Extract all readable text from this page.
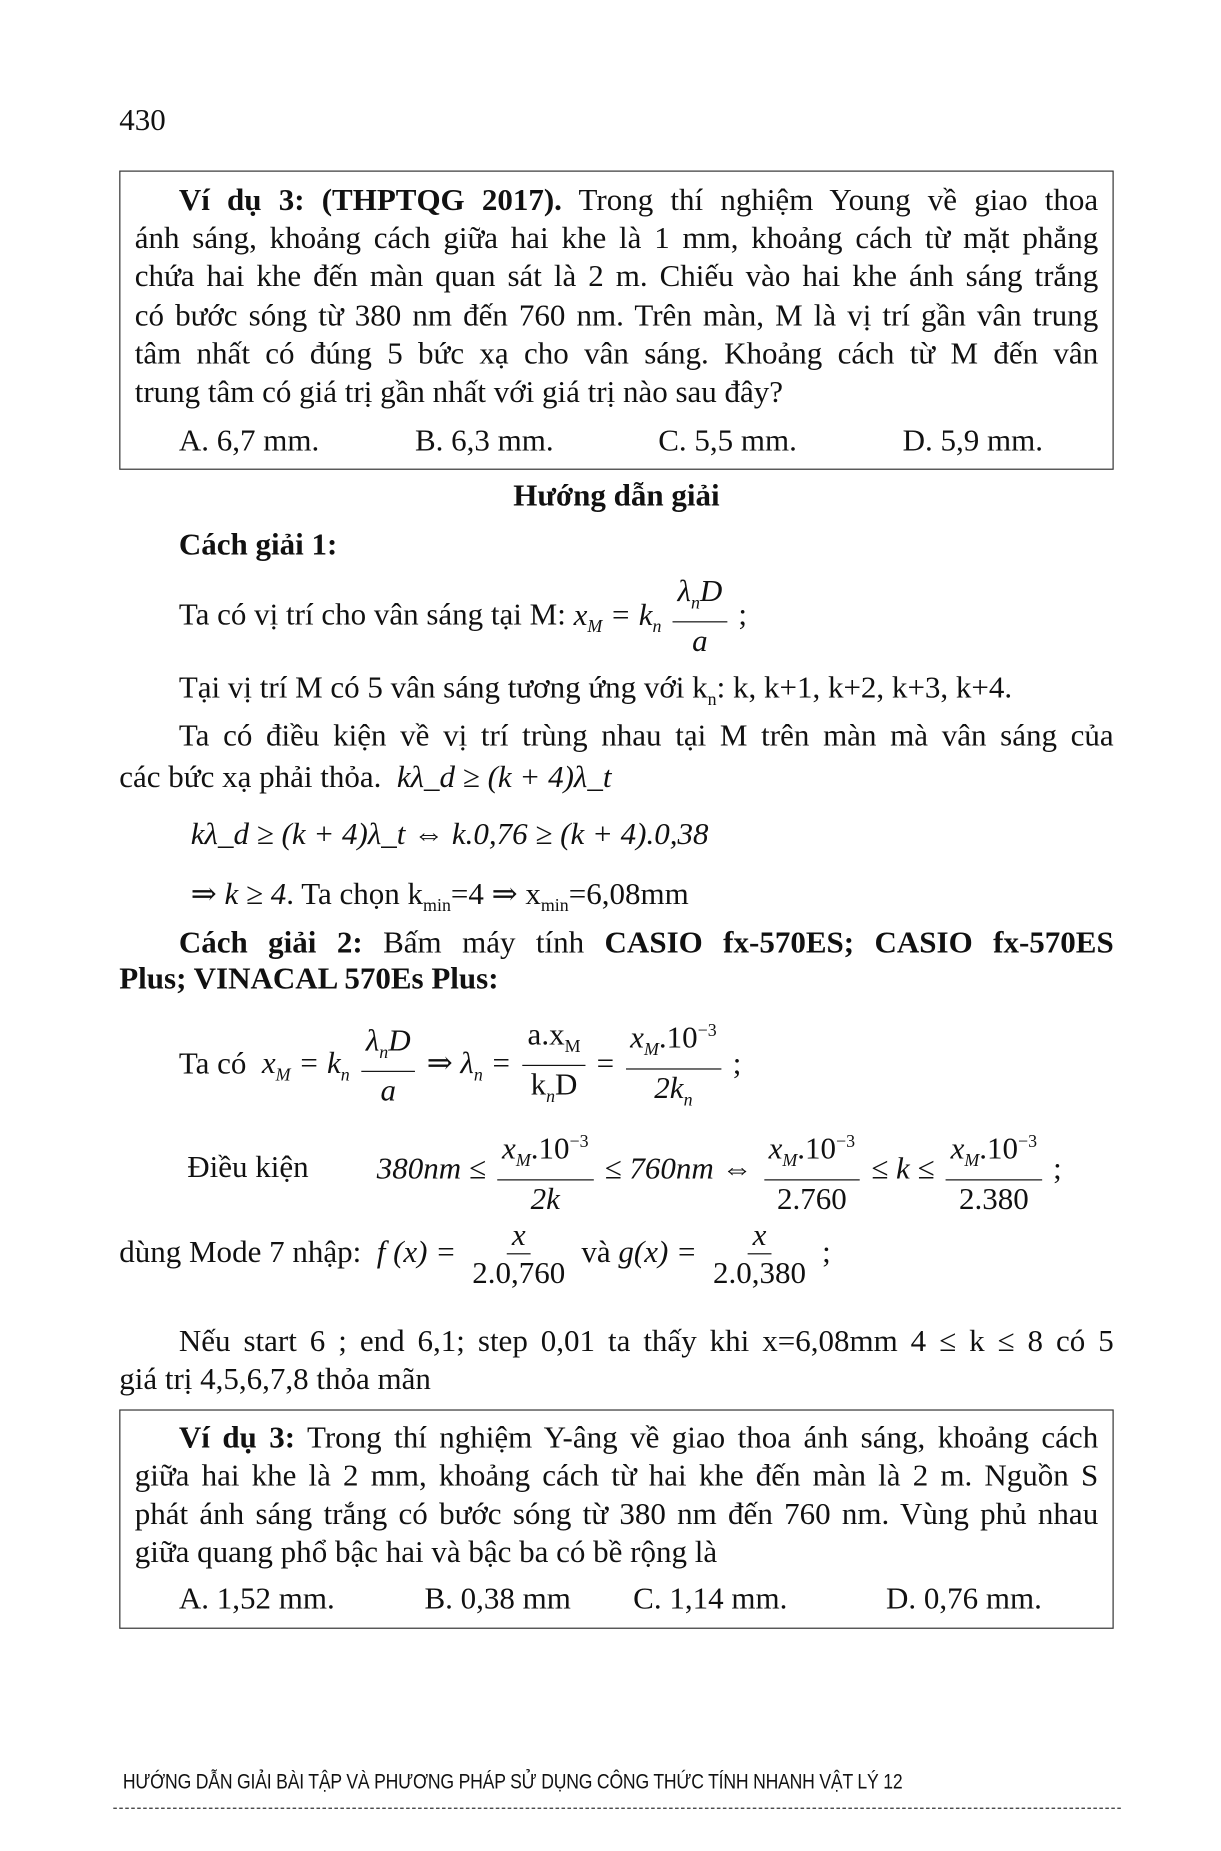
430
Ví dụ 3: (THPTQG 2017). Trong thí nghiệm Young về giao thoa
ánh sáng, khoảng cách giữa hai khe là 1 mm, khoảng cách từ mặt phẳng
chứa hai khe đến màn quan sát là 2 m. Chiếu vào hai khe ánh sáng trắng
có bước sóng từ 380 nm đến 760 nm. Trên màn, M là vị trí gần vân trung
tâm nhất có đúng 5 bức xạ cho vân sáng. Khoảng cách từ M đến vân
trung tâm có giá trị gần nhất với giá trị nào sau đây?
A. 6,7 mm.	B. 6,3 mm.	C. 5,5 mm.	D. 5,9 mm.
Hướng dẫn giải
Cách giải 1:
Ta có vị trí cho vân sáng tại M: $x_M = k_n \frac{\lambda_nD}{a}$ ;
Tại vị trí M có 5 vân sáng tương ứng với $k_n$: k, k+1, k+2, k+3, k+4.
Ta có điều kiện về vị trí trùng nhau tại M trên màn mà vân sáng của
các bức xạ phải thỏa. kλ_d ≥ (k + 4)λ_t
kλ_d ≥ (k + 4)λ_t ⇔ k.0,76 ≥ (k + 4).0,38
⇒ k ≥ 4. Ta chọn $k_{min}=4$ ⇒ $x_{min}=6,08mm$
Cách giải 2: Bấm máy tính CASIO fx-570ES; CASIO fx-570ES
Plus; VINACAL 570Es Plus:
Ta có $x_M = k_n \frac{\lambda_nD}{a}$ ⇒ $\lambda_n = \frac{a.x_M}{k_nD} = \frac{x_M.10^{-3}}{2k_n}$ ;
Điều kiện	$380nm \le \frac{x_M.10^{-3}}{2k} \le 760nm$ ⇔ $\frac{x_M.10^{-3}}{2.760} \le k \le \frac{x_M.10^{-3}}{2.380}$ ;
dùng Mode 7 nhập: f $(x) = \frac{x}{2.0,760}$ và $g(x) = \frac{x}{2.0,380}$ ;
Nếu start 6 ; end 6,1; step 0,01 ta thấy khi x=6,08mm 4 ≤ k ≤ 8 có 5
giá trị 4,5,6,7,8 thỏa mãn
Ví dụ 3: Trong thí nghiệm Y-âng về giao thoa ánh sáng, khoảng cách
giữa hai khe là 2 mm, khoảng cách từ hai khe đến màn là 2 m. Nguồn S
phát ánh sáng trắng có bước sóng từ 380 nm đến 760 nm. Vùng phủ nhau
giữa quang phổ bậc hai và bậc ba có bề rộng là
A. 1,52 mm.	B. 0,38 mm C. 1,14 mm.	D. 0,76 mm.
HƯỚNG DẪN GIẢI BÀI TẬP VÀ PHƯƠNG PHÁP SỬ DỤNG CÔNG THỨC TÍNH NHANH VẬT LÝ 12
